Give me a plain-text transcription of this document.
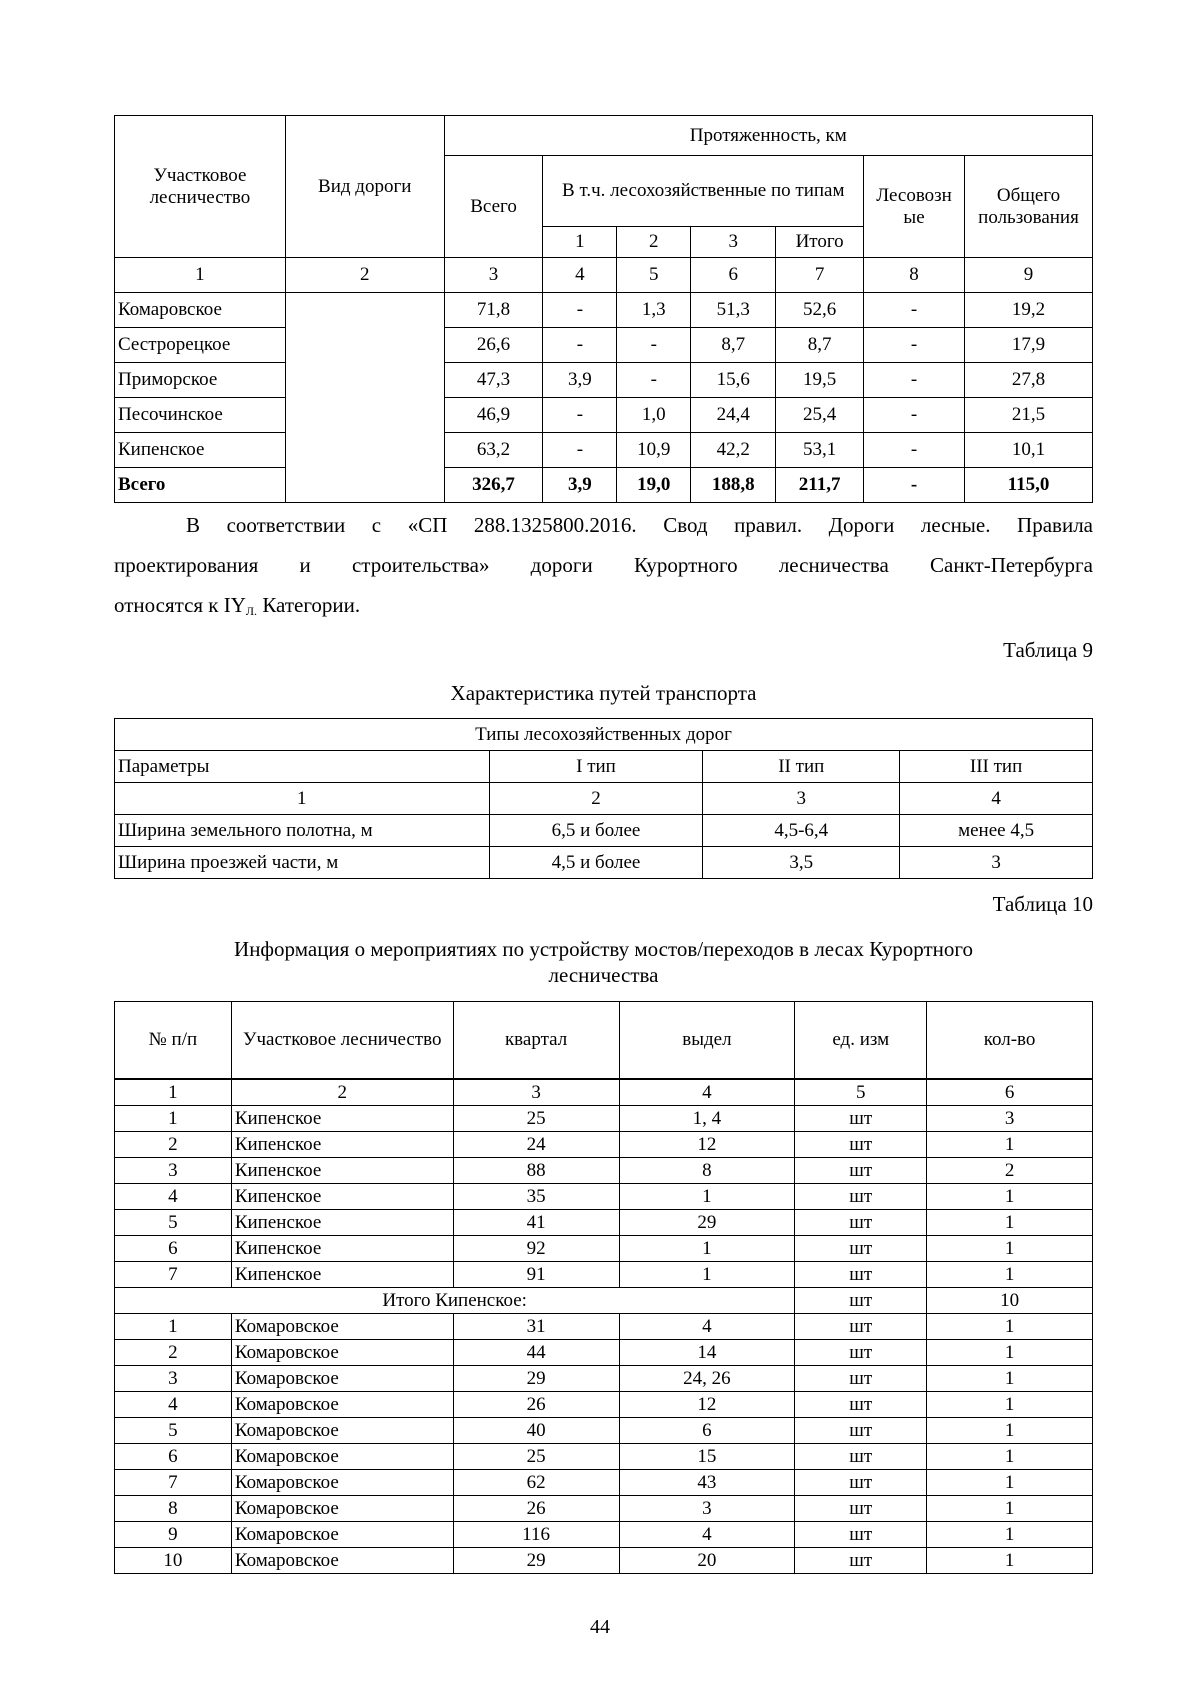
Участковое лесничество	Вид дороги	Протяженность, км						
		Всего	В т.ч. лесохозяйственные по типам				Лесовозн ые	Общего пользования
			1	2	3	Итого		
1	2	3	4	5	6	7	8	9
Комаровское		71,8	-	1,3	51,3	52,6	-	19,2
Сестрорецкое		26,6	-	-	8,7	8,7	-	17,9
Приморское		47,3	3,9	-	15,6	19,5	-	27,8
Песочинское		46,9	-	1,0	24,4	25,4	-	21,5
Кипенское		63,2	-	10,9	42,2	53,1	-	10,1
Всего		326,7	3,9	19,0	188,8	211,7	-	115,0
В соответствии с «СП 288.1325800.2016. Свод правил. Дороги лесные. Правила
проектирования и строительства» дороги Курортного лесничества Санкт-Петербурга
относятся к IYЛ. Категории.
Таблица 9
Характеристика путей транспорта
Типы лесохозяйственных дорог			
Параметры	I тип	II тип	III тип
1	2	3	4
Ширина земельного полотна, м	6,5 и более	4,5-6,4	менее 4,5
Ширина проезжей части, м	4,5 и более	3,5	3
Таблица 10
Информация о мероприятиях по устройству мостов/переходов в лесах Курортного
лесничества
№ п/п	Участковое лесничество	квартал	выдел	ед. изм	кол-во
1	2	3	4	5	6
1	Кипенское	25	1, 4	шт	3
2	Кипенское	24	12	шт	1
3	Кипенское	88	8	шт	2
4	Кипенское	35	1	шт	1
5	Кипенское	41	29	шт	1
6	Кипенское	92	1	шт	1
7	Кипенское	91	1	шт	1
Итого Кипенское:				шт	10
1	Комаровское	31	4	шт	1
2	Комаровское	44	14	шт	1
3	Комаровское	29	24, 26	шт	1
4	Комаровское	26	12	шт	1
5	Комаровское	40	6	шт	1
6	Комаровское	25	15	шт	1
7	Комаровское	62	43	шт	1
8	Комаровское	26	3	шт	1
9	Комаровское	116	4	шт	1
10	Комаровское	29	20	шт	1
44
